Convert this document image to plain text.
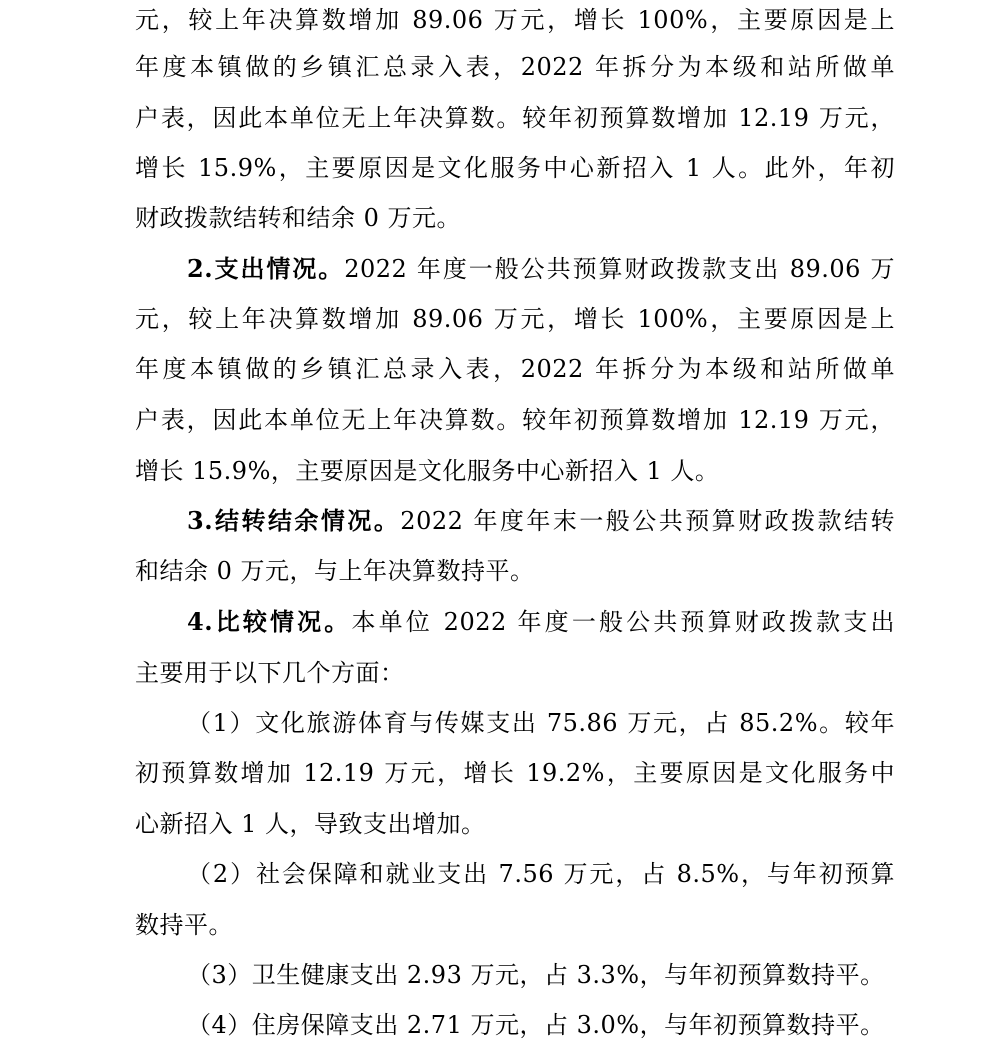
元，较上年决算数增加 89.06 万元，增长 100%，主要原因是上
年度本镇做的乡镇汇总录入表，2022 年拆分为本级和站所做单
户表，因此本单位无上年决算数。较年初预算数增加 12.19 万元，
增长 15.9%，主要原因是文化服务中心新招入 1 人。此外，年初
财政拨款结转和结余 0 万元。
2.支出情况。2022 年度一般公共预算财政拨款支出 89.06 万
元，较上年决算数增加 89.06 万元，增长 100%，主要原因是上
年度本镇做的乡镇汇总录入表，2022 年拆分为本级和站所做单
户表，因此本单位无上年决算数。较年初预算数增加 12.19 万元，
增长 15.9%，主要原因是文化服务中心新招入 1 人。
3.结转结余情况。2022 年度年末一般公共预算财政拨款结转
和结余 0 万元，与上年决算数持平。
4.比较情况。本单位 2022 年度一般公共预算财政拨款支出
主要用于以下几个方面：
（1）文化旅游体育与传媒支出 75.86 万元，占 85.2%。较年
初预算数增加 12.19 万元，增长 19.2%，主要原因是文化服务中
心新招入 1 人，导致支出增加。
（2）社会保障和就业支出 7.56 万元，占 8.5%，与年初预算
数持平。
（3）卫生健康支出 2.93 万元，占 3.3%，与年初预算数持平。
（4）住房保障支出 2.71 万元，占 3.0%，与年初预算数持平。
